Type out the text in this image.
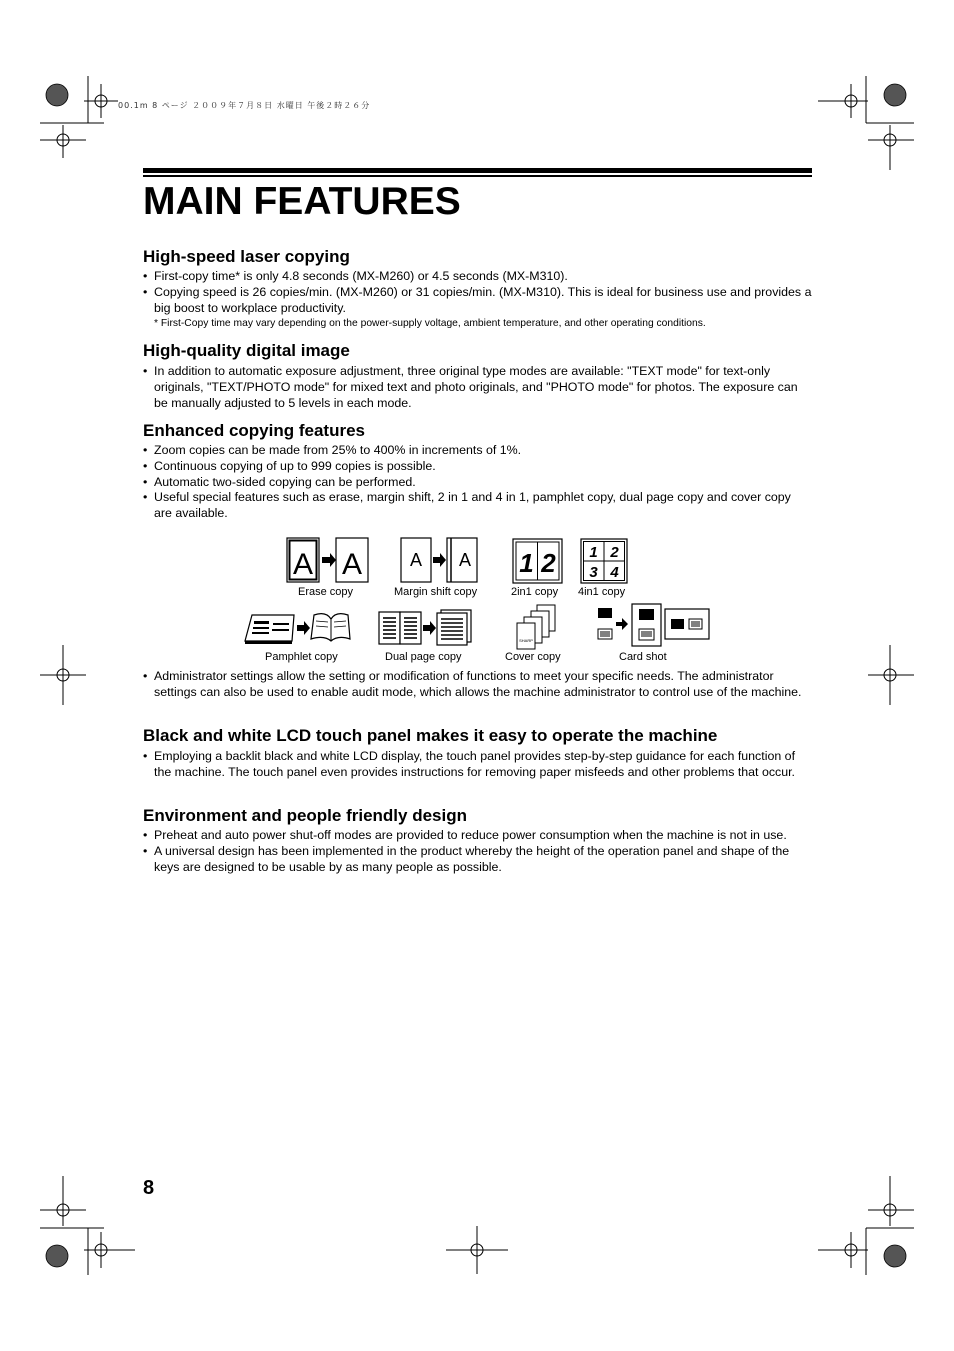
00.1m 8 ページ ２００９年７月８日 水曜日 午後２時２６分
MAIN FEATURES
High-speed laser copying
• First-copy time* is only 4.8 seconds (MX-M260) or 4.5 seconds (MX-M310).
• Copying speed is 26 copies/min. (MX-M260) or 31 copies/min. (MX-M310). This is ideal for business use and provides a big boost to workplace productivity.
* First-Copy time may vary depending on the power-supply voltage, ambient temperature, and other operating conditions.
High-quality digital image
• In addition to automatic exposure adjustment, three original type modes are available: "TEXT mode" for text-only originals, "TEXT/PHOTO mode" for mixed text and photo originals, and "PHOTO mode" for photos. The exposure can be manually adjusted to 5 levels in each mode.
Enhanced copying features
• Zoom copies can be made from 25% to 400% in increments of 1%.
• Continuous copying of up to 999 copies is possible.
• Automatic two-sided copying can be performed.
• Useful special features such as erase, margin shift, 2 in 1 and 4 in 1, pamphlet copy, dual page copy and cover copy are available.
A A	A A 1 2 1 2
3 4
Erase copy	Margin shift copy	2in1 copy 4in1 copy
SHARP
Pamphlet copy	Dual page copy	Cover copy	Card shot
• Administrator settings allow the setting or modification of functions to meet your specific needs. The administrator settings can also be used to enable audit mode, which allows the machine administrator to control use of the machine.
Black and white LCD touch panel makes it easy to operate the machine
• Employing a backlit black and white LCD display, the touch panel provides step-by-step guidance for each function of the machine. The touch panel even provides instructions for removing paper misfeeds and other problems that occur.
Environment and people friendly design
• Preheat and auto power shut-off modes are provided to reduce power consumption when the machine is not in use.
• A universal design has been implemented in the product whereby the height of the operation panel and shape of the keys are designed to be usable by as many people as possible.
8
